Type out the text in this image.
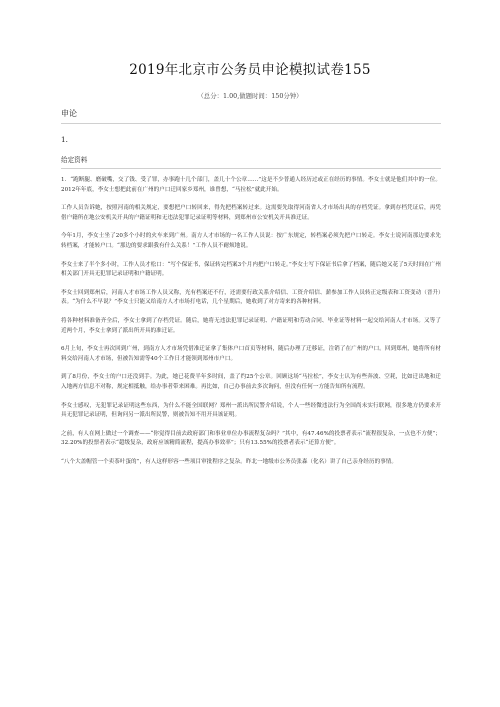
2019年北京市公务员申论模拟试卷155
（总分：1.00,做题时间：150分钟）
申论
1.
给定资料

1．“跑断腿、磨破嘴，交了钱、受了罪，办事跑十几个部门，盖几十个公章……”这是不少普通人经历过或正在经历的事情。李女士就是他们其中的一位。2012年年底，李女士想把此前在广州的户口迁回家乡郑州，谁曾想，“马拉松”就此开始。

工作人员告诉她，按照河南的相关规定，要想把户口转回来，得先把档案转过来。这需要先取得河南省人才市场出具的存档凭证。拿到存档凭证后，再凭借户籍所在地公安机关开具的户籍证明和无违法犯罪记录证明等材料，到郑州市公安机关开具准迁证。

今年1月，李女士坐了20多个小时的火车来到广州。南方人才市场的一名工作人员说：按广东规定，转档案必须先把户口转走。李女士说河南那边要求先转档案，才能转户口。“那边的要求跟我有什么关系！”工作人员不耐烦地说。

李女士来了半个多小时，工作人员才松口：“写个保证书，保证转完档案3个月内把户口转走。”李女士写下保证书后拿了档案，随后她又花了5天时间在广州相关部门开具无犯罪记录证明和户籍证明。

李女士回到郑州后，河南人才市场工作人员又称，光有档案还不行，还需要行政关系介绍信、工资介绍信、薪参加工作人员转正定级表和工资变动（晋升）表。“为什么不早说？”李女士只能又给南方人才市场打电话，几个星期后，她收到了对方寄来的各种材料。

将各种材料准备齐全后，李女士拿到了存档凭证。随后，她将无违法犯罪记录证明、户籍证明和劳动合同、毕业证等材料一起交给河南人才市场。又等了近两个月，李女士拿到了派出所开具的准迁证。

6月上旬，李女士再次回到广州，到南方人才市场凭借准迁证拿了集体户口首页等材料，随后办理了迁移证，注销了在广州的户口。回到郑州，她将所有材料交给河南人才市场，但被告知需等40个工作日才能领到郑州市户口。

到了8月份，李女士的户口还没到手。为此，她已花费半年多时间，盖了约25个公章。回顾这场“马拉松”，李女士认为有些奔波、空耗，比如迁出地和迁入地两方信息不对称，规定相抵触，给办事者带来困难。再比如，自己办事前去多次询问，但没有任何一方能告知所有流程。

李女士感叹，无犯罪记录证明这些东西，为什么不能全国联网？郑州一派出所民警介绍说，个人一些经微违法行为全国尚未实行联网，很多地方仍要求开具无犯罪记录证明，但询问另一派出所民警，则被告知不用开具该证明。

之前，有人在网上做过一个调查——“你觉得目前去政府部门和事业单位办事流程复杂吗？”其中，有47.46%的投票者表示“流程很复杂，一点也不方便”；32.20%的投票者表示“超级复杂，政府应该精简流程，提高办事效率”；只有13.55%的投票者表示“还算方便”。

“八个大盖帽管一个卖茶叶蛋的”，有人这样形容一些项目审批程序之复杂。昨北一地级市公务员张森（化名）讲了自己亲身经历的事情。
